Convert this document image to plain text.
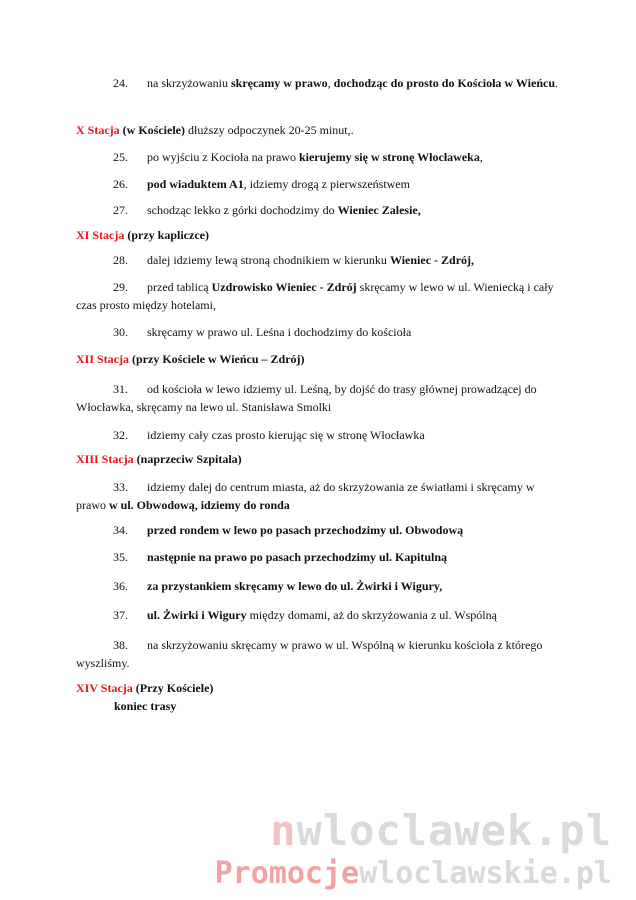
24. na skrzyżowaniu skręcamy w prawo, dochodząc do prosto do Kościoła w Wieńcu.
X Stacja (w Kościele) dłuższy odpoczynek 20-25 minut,.
25. po wyjściu z Kocioła na prawo kierujemy się w stronę Włocławeka,
26. pod wiaduktem A1, idziemy drogą z pierwszeństwem
27. schodząc lekko z górki dochodzimy do Wieniec Zalesie,
XI Stacja (przy kapliczce)
28. dalej idziemy lewą stroną chodnikiem w kierunku Wieniec - Zdrój,
29. przed tablicą Uzdrowisko Wieniec - Zdrój skręcamy w lewo w ul. Wieniecką i cały czas prosto między hotelami,
30. skręcamy w prawo ul. Leśna i dochodzimy do kościoła
XII Stacja (przy Kościele w Wieńcu – Zdrój)
31. od kościoła w lewo idziemy ul. Leśną, by dojść do trasy głównej prowadzącej do Włocławka, skręcamy na lewo ul. Stanisława Smolki
32. idziemy cały czas prosto kierując się w stronę Włocławka
XIII Stacja (naprzeciw Szpitala)
33. idziemy dalej do centrum miasta, aż do skrzyżowania ze światłami i skręcamy w prawo w ul. Obwodową, idziemy do ronda
34. przed rondem w lewo po pasach przechodzimy ul. Obwodową
35. następnie na prawo po pasach przechodzimy ul. Kapitulną
36. za przystankiem skręcamy w lewo do ul. Żwirki i Wigury,
37. ul. Żwirki i Wigury między domami, aż do skrzyżowania z ul. Wspólną
38. na skrzyżowaniu skręcamy w prawo w ul. Wspólną w kierunku kościoła z którego wyszliśmy.
XIV Stacja (Przy Kościele)
koniec trasy
nwloclawek.pl
Promocjewloclawskie.pl
